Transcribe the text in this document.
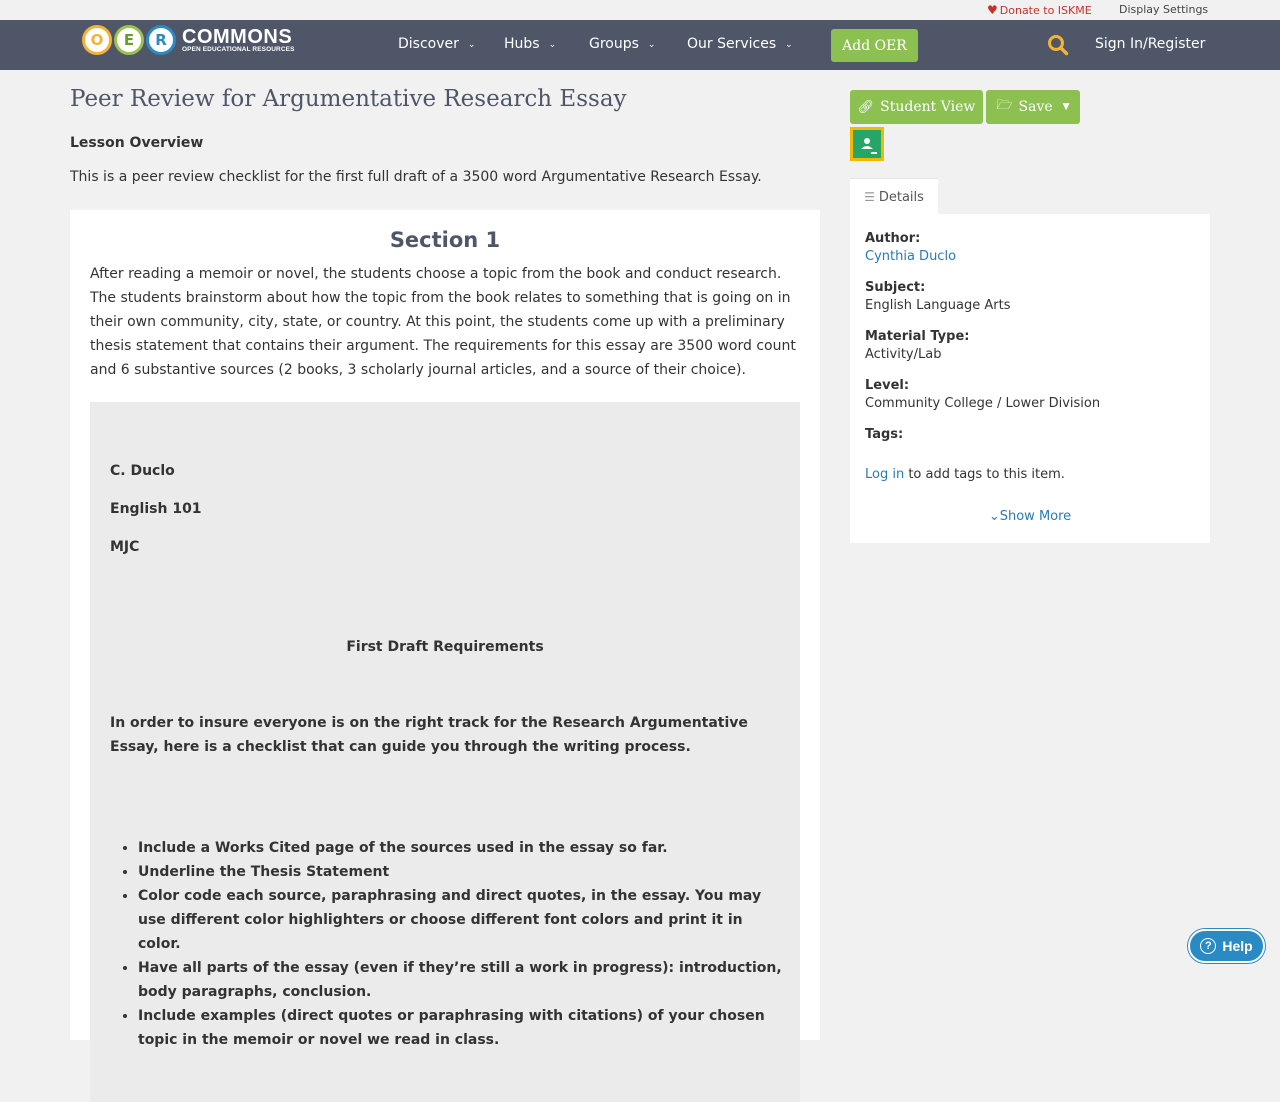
♥ Donate to ISKME Display Settings
O	E	R COMMONS
OPEN EDUCATIONAL RESOURCES	Discover ⌄ Hubs ⌄ Groups ⌄ Our Services ⌄	Add OER	Sign In/Register
Peer Review for Argumentative Research Essay
Lesson Overview
This is a peer review checklist for the first full draft of a 3500 word Argumentative Research Essay.
Section 1

After reading a memoir or novel, the students choose a topic from the book and conduct research. The students brainstorm about how the topic from the book relates to something that is going on in their own community, city, state, or country. At this point, the students come up with a preliminary thesis statement that contains their argument. The requirements for this essay are 3500 word count and 6 substantive sources (2 books, 3 scholarly journal articles, and a source of their choice).

C. Duclo
English 101
MJC
First Draft Requirements
In order to insure everyone is on the right track for the Research Argumentative Essay, here is a checklist that can guide you through the writing process.
• Include a Works Cited page of the sources used in the essay so far.
• Underline the Thesis Statement
• Color code each source, paraphrasing and direct quotes, in the essay. You may use different color highlighters or choose different font colors and print it in color.
• Have all parts of the essay (even if they’re still a work in progress): introduction, body paragraphs, conclusion.
• Include examples (direct quotes or paraphrasing with citations) of your chosen topic in the memoir or novel we read in class.
🔗︎ Student View 🗁︎ Save ▼
☰ Details
Author:
Cynthia Duclo
Subject:
English Language Arts
Material Type:
Activity/Lab
Level:
Community College / Lower Division
Tags:
Log in to add tags to this item.
⌄Show More
? Help
